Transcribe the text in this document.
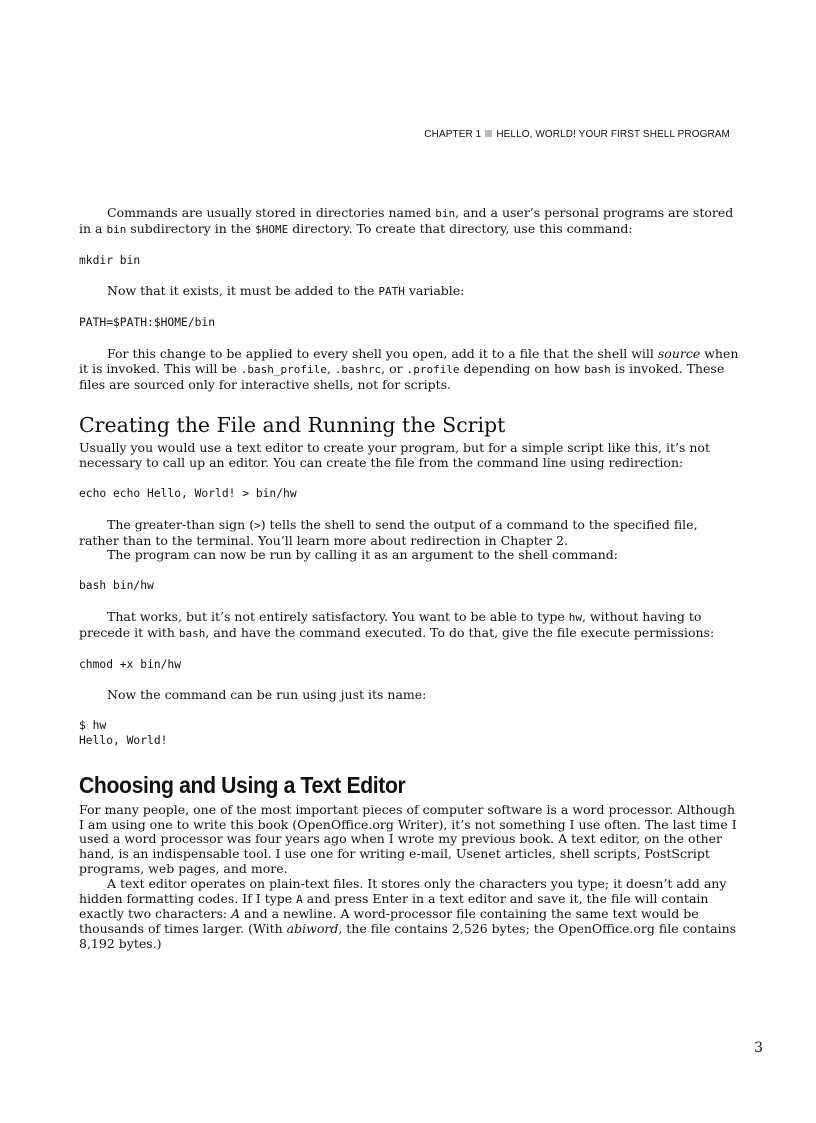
CHAPTER 1 HELLO, WORLD! YOUR FIRST SHELL PROGRAM

Commands are usually stored in directories named bin, and a user’s personal programs are stored in a bin subdirectory in the $HOME directory. To create that directory, use this command:

mkdir bin

Now that it exists, it must be added to the PATH variable:

PATH=$PATH:$HOME/bin

For this change to be applied to every shell you open, add it to a file that the shell will source when it is invoked. This will be .bash_profile, .bashrc, or .profile depending on how bash is invoked. These files are sourced only for interactive shells, not for scripts.

Creating the File and Running the Script

Usually you would use a text editor to create your program, but for a simple script like this, it’s not necessary to call up an editor. You can create the file from the command line using redirection:

echo echo Hello, World! > bin/hw

The greater-than sign (>) tells the shell to send the output of a command to the specified file, rather than to the terminal. You’ll learn more about redirection in Chapter 2.

The program can now be run by calling it as an argument to the shell command:

bash bin/hw

That works, but it’s not entirely satisfactory. You want to be able to type hw, without having to precede it with bash, and have the command executed. To do that, give the file execute permissions:

chmod +x bin/hw

Now the command can be run using just its name:

$ hw
Hello, World!
Choosing and Using a Text Editor

For many people, one of the most important pieces of computer software is a word processor. Although I am using one to write this book (OpenOffice.org Writer), it’s not something I use often. The last time I used a word processor was four years ago when I wrote my previous book. A text editor, on the other hand, is an indispensable tool. I use one for writing e-mail, Usenet articles, shell scripts, PostScript programs, web pages, and more.

A text editor operates on plain-text files. It stores only the characters you type; it doesn’t add any hidden formatting codes. If I type A and press Enter in a text editor and save it, the file will contain exactly two characters: A and a newline. A word-processor file containing the same text would be thousands of times larger. (With abiword, the file contains 2,526 bytes; the OpenOffice.org file contains 8,192 bytes.)

3
